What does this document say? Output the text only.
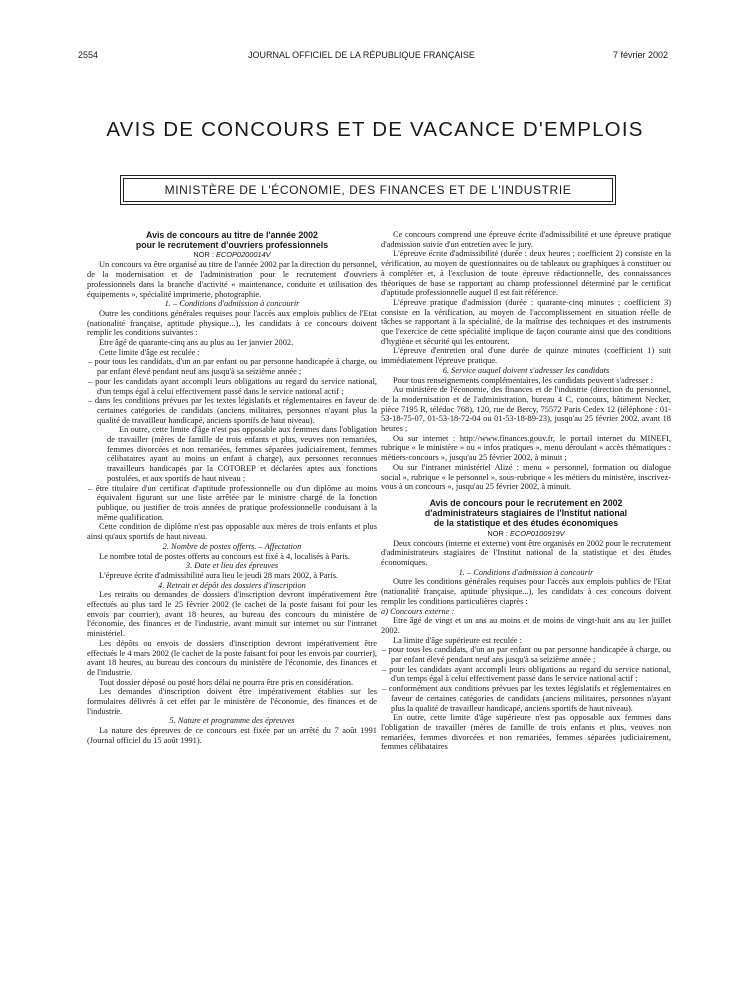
2554	JOURNAL OFFICIEL DE LA RÉPUBLIQUE FRANÇAISE	7 février 2002
AVIS DE CONCOURS ET DE VACANCE D'EMPLOIS
MINISTÈRE DE L'ÉCONOMIE, DES FINANCES ET DE L'INDUSTRIE

Avis de concours au titre de l'année 2002

pour le recrutement d'ouvriers professionnels

NOR : ECOP0200014V

Un concours va être organisé au titre de l'année 2002 par la direction du personnel, de la modernisation et de l'administration pour le recrutement d'ouvriers professionnels dans la branche d'activité « maintenance, conduite et utilisation des équipements », spécialité imprimerie, photographie.

1. – Conditions d'admission à concourir

Outre les conditions générales requises pour l'accès aux emplois publics de l'Etat (nationalité française, aptitude physique...), les candidats à ce concours doivent remplir les conditions suivantes :

Etre âgé de quarante-cinq ans au plus au 1er janvier 2002.

Cette limite d'âge est reculée :

– pour tous les candidats, d'un an par enfant ou par personne handicapée à charge, ou par enfant élevé pendant neuf ans jusqu'à sa seizième année ;

– pour les candidats ayant accompli leurs obligations au regard du service national, d'un temps égal à celui effectivement passé dans le service national actif ;

– dans les conditions prévues par les textes législatifs et réglementaires en faveur de certaines catégories de candidats (anciens militaires, personnes n'ayant plus la qualité de travailleur handicapé, anciens sportifs de haut niveau).

En outre, cette limite d'âge n'est pas opposable aux femmes dans l'obligation de travailler (mères de famille de trois enfants et plus, veuves non remariées, femmes divorcées et non remariées, femmes séparées judiciairement, femmes célibataires ayant au moins un enfant à charge), aux personnes reconnues travailleurs handicapés par la COTOREP et déclarées aptes aux fonctions postulées, et aux sportifs de haut niveau ;

– être titulaire d'un certificat d'aptitude professionnelle ou d'un diplôme au moins équivalent figurant sur une liste arrêtée par le ministre chargé de la fonction publique, ou justifier de trois années de pratique professionnelle conduisant à la même qualification.

Cette condition de diplôme n'est pas opposable aux mères de trois enfants et plus ainsi qu'aux sportifs de haut niveau.

2. Nombre de postes offerts. – Affectation

Le nombre total de postes offerts au concours est fixé à 4, localisés à Paris.

3. Date et lieu des épreuves

L'épreuve écrite d'admissibilité aura lieu le jeudi 28 mars 2002, à Paris.

4. Retrait et dépôt des dossiers d'inscription

Les retraits ou demandes de dossiers d'inscription devront impérativement être effectués au plus tard le 25 février 2002 (le cachet de la poste faisant foi pour les envois par courrier), avant 18 heures, au bureau des concours du ministère de l'économie, des finances et de l'industrie, avant minuit sur internet ou sur l'intranet ministériel.

Les dépôts ou envois de dossiers d'inscription devront impérativement être effectués le 4 mars 2002 (le cachet de la poste faisant foi pour les envois par courrier), avant 18 heures, au bureau des concours du ministère de l'économie, des finances et de l'industrie.

Tout dossier déposé ou posté hors délai ne pourra être pris en considération.

Les demandes d'inscription doivent être impérativement établies sur les formulaires délivrés à cet effet par le ministère de l'économie, des finances et de l'industrie.

5. Nature et programme des épreuves

La nature des épreuves de ce concours est fixée par un arrêté du 7 août 1991 (Journal officiel du 15 août 1991).

Ce concours comprend une épreuve écrite d'admissibilité et une épreuve pratique d'admission suivie d'un entretien avec le jury.

L'épreuve écrite d'admissibilité (durée : deux heures ; coefficient 2) consiste en la vérification, au moyen de questionnaires ou de tableaux ou graphiques à constituer ou à compléter et, à l'exclusion de toute épreuve rédactionnelle, des connaissances théoriques de base se rapportant au champ professionnel déterminé par le certificat d'aptitude professionnelle auquel il est fait référence.

L'épreuve pratique d'admission (durée : quarante-cinq minutes ; coefficient 3) consiste en la vérification, au moyen de l'accomplissement en situation réelle de tâches se rapportant à la spécialité, de la maîtrise des techniques et des instruments que l'exercice de cette spécialité implique de façon courante ainsi que des conditions d'hygiène et sécurité qui les entourent.

L'épreuve d'entretien oral d'une durée de quinze minutes (coefficient 1) suit immédiatement l'épreuve pratique.

6. Service auquel doivent s'adresser les candidats

Pour tous renseignements complémentaires, les candidats peuvent s'adresser :

Au ministère de l'économie, des finances et de l'industrie (direction du personnel, de la modernisation et de l'administration, bureau 4 C, concours, bâtiment Necker, pièce 7195 R, télédoc 768), 120, rue de Bercy, 75572 Paris Cedex 12 (téléphone : 01-53-18-75-07, 01-53-18-72-04 ou 01-53-18-89-23), jusqu'au 25 février 2002, avant 18 heures ;

Ou sur internet : http://www.finances.gouv.fr, le portail internet du MINEFI, rubrique « le ministère » ou « infos pratiques », menu déroulant « accès thématiques : métiers-concours », jusqu'au 25 février 2002, à minuit ;

Ou sur l'intranet ministériel Alizé : menu « personnel, formation ou dialogue social », rubrique « le personnel », sous-rubrique « les métiers du ministère, inscrivez-vous à un concours », jusqu'au 25 février 2002, à minuit.

Avis de concours pour le recrutement en 2002

d'administrateurs stagiaires de l'Institut national

de la statistique et des études économiques

NOR : ECOP0100919V

Deux concours (interne et externe) vont être organisés en 2002 pour le recrutement d'administrateurs stagiaires de l'Institut national de la statistique et des études économiques.

1. – Conditions d'admission à concourir

Outre les conditions générales requises pour l'accès aux emplois publics de l'Etat (nationalité française, aptitude physique...), les candidats à ces concours doivent remplir les conditions particulières ciaprès :

a) Concours externe :

Etre âgé de vingt et un ans au moins et de moins de vingt-huit ans au 1er juillet 2002.

La limite d'âge supérieure est reculée :

– pour tous les candidats, d'un an par enfant ou par personne handicapée à charge, ou par enfant élevé pendant neuf ans jusqu'à sa seizième année ;

– pour les candidats ayant accompli leurs obligations au regard du service national, d'un temps égal à celui effectivement passé dans le service national actif ;

– conformément aux conditions prévues par les textes législatifs et réglementaires en faveur de certaines catégories de candidats (anciens militaires, personnes n'ayant plus la qualité de travailleur handicapé, anciens sportifs de haut niveau).

En outre, cette limite d'âge supérieure n'est pas opposable aux femmes dans l'obligation de travailler (mères de famille de trois enfants et plus, veuves non remariées, femmes divorcées et non remariées, femmes séparées judiciairement, femmes célibataires
